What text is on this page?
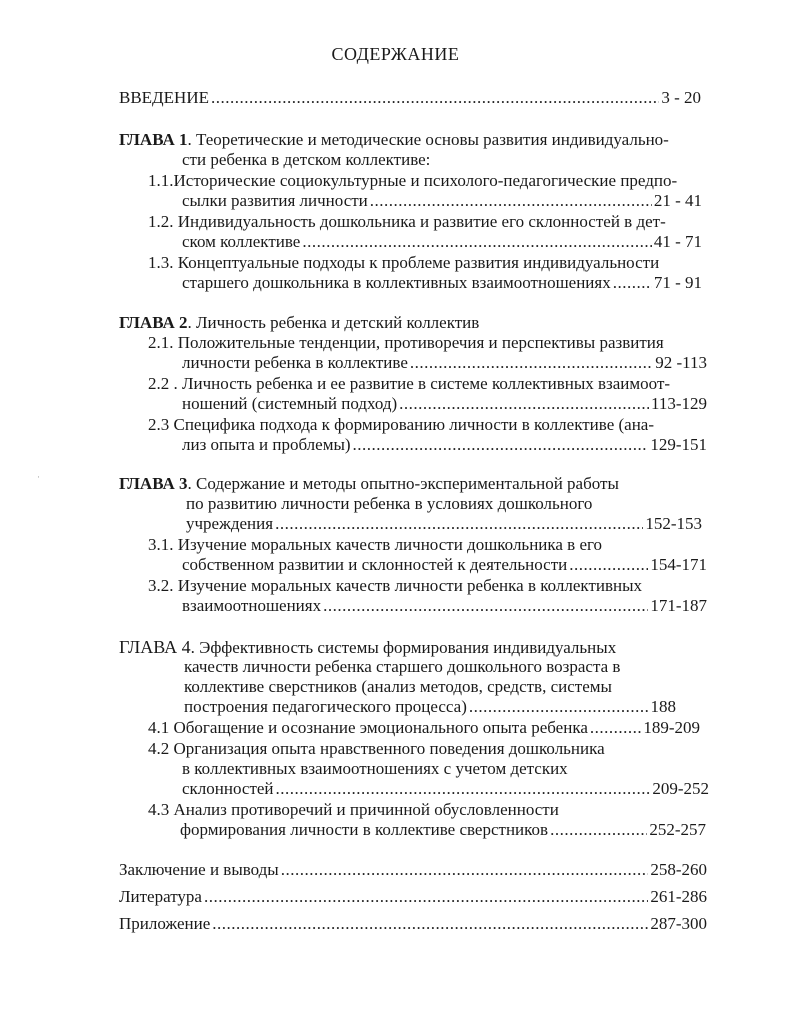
СОДЕРЖАНИЕ
ВВЕДЕНИЕ .....	3 - 20
ГЛАВА 1. Теоретические и методические основы развития индивидуально-
сти ребенка в детском коллективе:
1.1.Исторические социокультурные и психолого-педагогические предпо-
сылки развития личности .....	21 - 41
1.2. Индивидуальность дошкольника и развитие его склонностей в дет-
ском коллективе .....	41 - 71
1.3. Концептуальные подходы к проблеме развития индивидуальности
старшего дошкольника в коллективных взаимоотношениях .....	71 - 91
ГЛАВА 2. Личность ребенка и детский коллектив
2.1. Положительные тенденции, противоречия и перспективы развития
личности ребенка в коллективе .....	92 -113
2.2 . Личность ребенка и ее развитие в системе коллективных взаимоот-
ношений (системный подход) .....	113-129
2.3 Специфика подхода к формированию личности в коллективе (ана-
лиз опыта и проблемы) .....	129-151
·	ГЛАВА 3. Содержание и методы опытно-экспериментальной работы
по развитию личности ребенка в условиях дошкольного
учреждения .....	152-153
3.1. Изучение моральных качеств личности дошкольника в его
собственном развитии и склонностей к деятельности .....	154-171
3.2. Изучение моральных качеств личности ребенка в коллективных
взаимоотношениях .....	171-187
ГЛАВА 4. Эффективность системы формирования индивидуальных
качеств личности ребенка старшего дошкольного возраста в
коллективе сверстников (анализ методов, средств, системы
построения педагогического процесса) .....	188
4.1 Обогащение и осознание эмоционального опыта ребенка .....	189-209
4.2 Организация опыта нравственного поведения дошкольника
в коллективных взаимоотношениях с учетом детских
склонностей .....	209-252
4.3 Анализ противоречий и причинной обусловленности
формирования личности в коллективе сверстников .....	252-257
Заключение и выводы .....	258-260
Литература .....	261-286
Приложение .....	287-300
